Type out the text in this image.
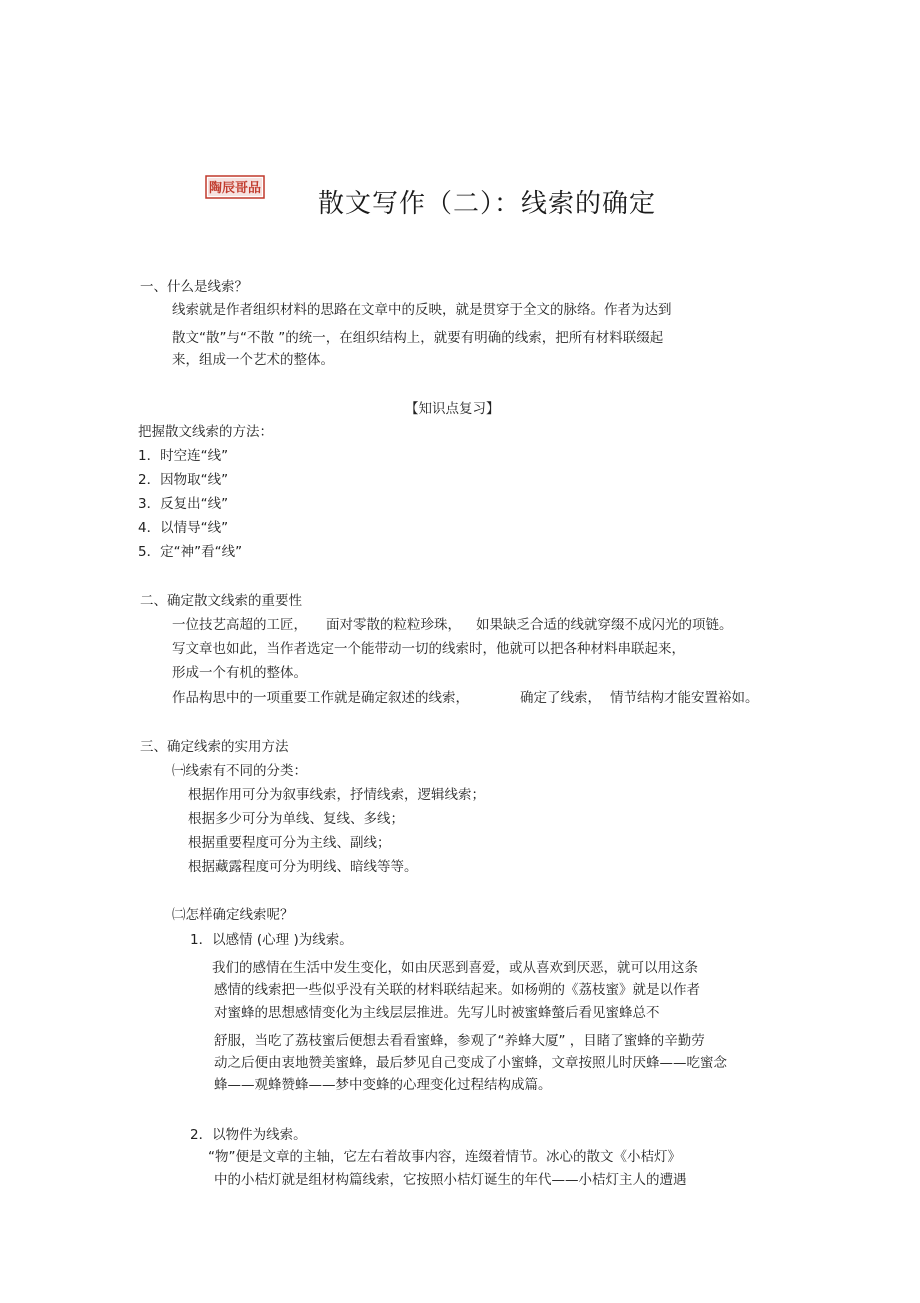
陶辰哥品
散文写作（二）：线索的确定
一、什么是线索？
线索就是作者组织材料的思路在文章中的反映，就是贯穿于全文的脉络。作者为达到
散文“散”与“不散 ”的统一，在组织结构上，就要有明确的线索，把所有材料联缀起
来，组成一个艺术的整体。
【知识点复习】
把握散文线索的方法：
1．时空连“线”
2．因物取“线”
3．反复出“线”
4．以情导“线”
5．定“神”看“线”
二、确定散文线索的重要性
一位技艺高超的工匠， 面对零散的粒粒珍珠， 如果缺乏合适的线就穿缀不成闪光的项链。
写文章也如此，当作者选定一个能带动一切的线索时，他就可以把各种材料串联起来，
形成一个有机的整体。
作品构思中的一项重要工作就是确定叙述的线索，	确定了线索， 情节结构才能安置裕如。
三、确定线索的实用方法
㈠线索有不同的分类：
根据作用可分为叙事线索，抒情线索，逻辑线索；
根据多少可分为单线、复线、多线；
根据重要程度可分为主线、副线；
根据藏露程度可分为明线、暗线等等。
㈡怎样确定线索呢？
1．以感情 (心理 )为线索。
我们的感情在生活中发生变化，如由厌恶到喜爱，或从喜欢到厌恶，就可以用这条
感情的线索把一些似乎没有关联的材料联结起来。如杨朔的《荔枝蜜》就是以作者
对蜜蜂的思想感情变化为主线层层推进。先写儿时被蜜蜂螫后看见蜜蜂总不
舒服，当吃了荔枝蜜后便想去看看蜜蜂，参观了“养蜂大厦” ，目睹了蜜蜂的辛勤劳
动之后便由衷地赞美蜜蜂，最后梦见自己变成了小蜜蜂，文章按照儿时厌蜂——吃蜜念
蜂——观蜂赞蜂——梦中变蜂的心理变化过程结构成篇。
2．以物件为线索。
“物”便是文章的主轴，它左右着故事内容，连缀着情节。冰心的散文《小桔灯》
中的小桔灯就是组材构篇线索，它按照小桔灯诞生的年代——小桔灯主人的遭遇
